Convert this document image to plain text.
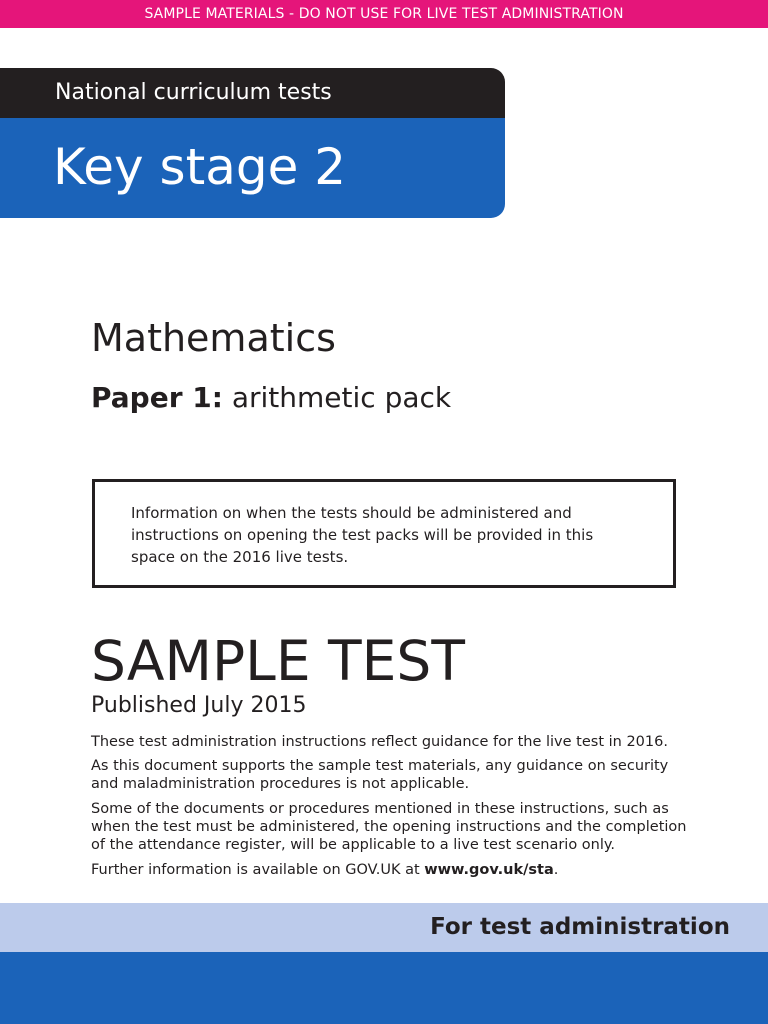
SAMPLE MATERIALS - DO NOT USE FOR LIVE TEST ADMINISTRATION
National curriculum tests
Key stage 2
Mathematics
Paper 1: arithmetic pack
Information on when the tests should be administered and instructions on opening the test packs will be provided in this space on the 2016 live tests.
SAMPLE TEST
Published July 2015
These test administration instructions reflect guidance for the live test in 2016.
As this document supports the sample test materials, any guidance on security and maladministration procedures is not applicable.
Some of the documents or procedures mentioned in these instructions, such as when the test must be administered, the opening instructions and the completion of the attendance register, will be applicable to a live test scenario only.
Further information is available on GOV.UK at www.gov.uk/sta.
For test administration
